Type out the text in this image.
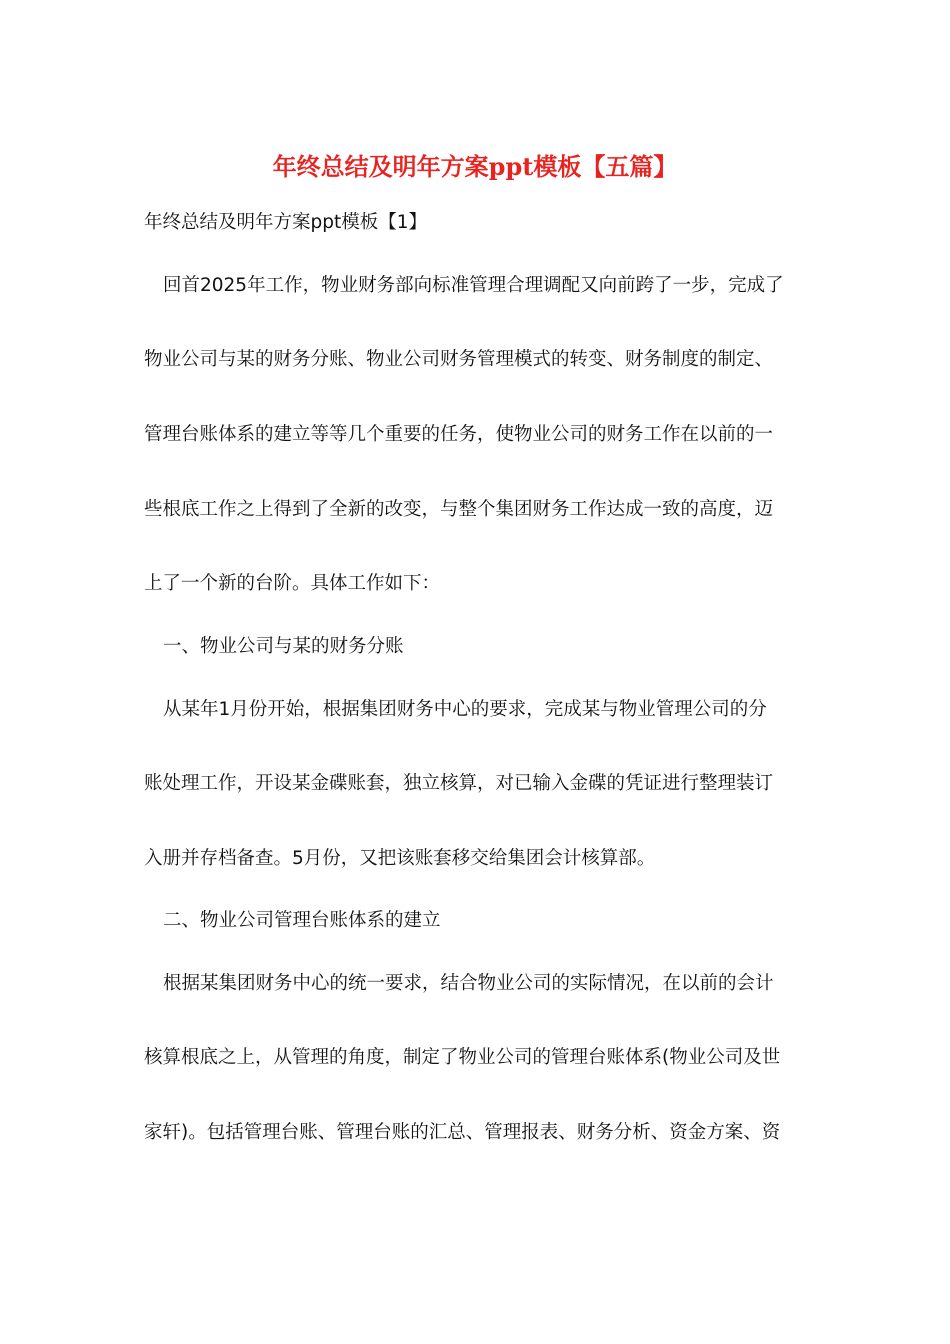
年终总结及明年方案ppt模板【五篇】

年终总结及明年方案ppt模板【1】

回首2025年工作，物业财务部向标准管理合理调配又向前跨了一步，完成了

物业公司与某的财务分账、物业公司财务管理模式的转变、财务制度的制定、

管理台账体系的建立等等几个重要的任务，使物业公司的财务工作在以前的一

些根底工作之上得到了全新的改变，与整个集团财务工作达成一致的高度，迈

上了一个新的台阶。具体工作如下：

一、物业公司与某的财务分账

从某年1月份开始，根据集团财务中心的要求，完成某与物业管理公司的分

账处理工作，开设某金碟账套，独立核算，对已输入金碟的凭证进行整理装订

入册并存档备查。5月份，又把该账套移交给集团会计核算部。

二、物业公司管理台账体系的建立

根据某集团财务中心的统一要求，结合物业公司的实际情况，在以前的会计

核算根底之上，从管理的角度，制定了物业公司的管理台账体系(物业公司及世

家轩)。包括管理台账、管理台账的汇总、管理报表、财务分析、资金方案、资
